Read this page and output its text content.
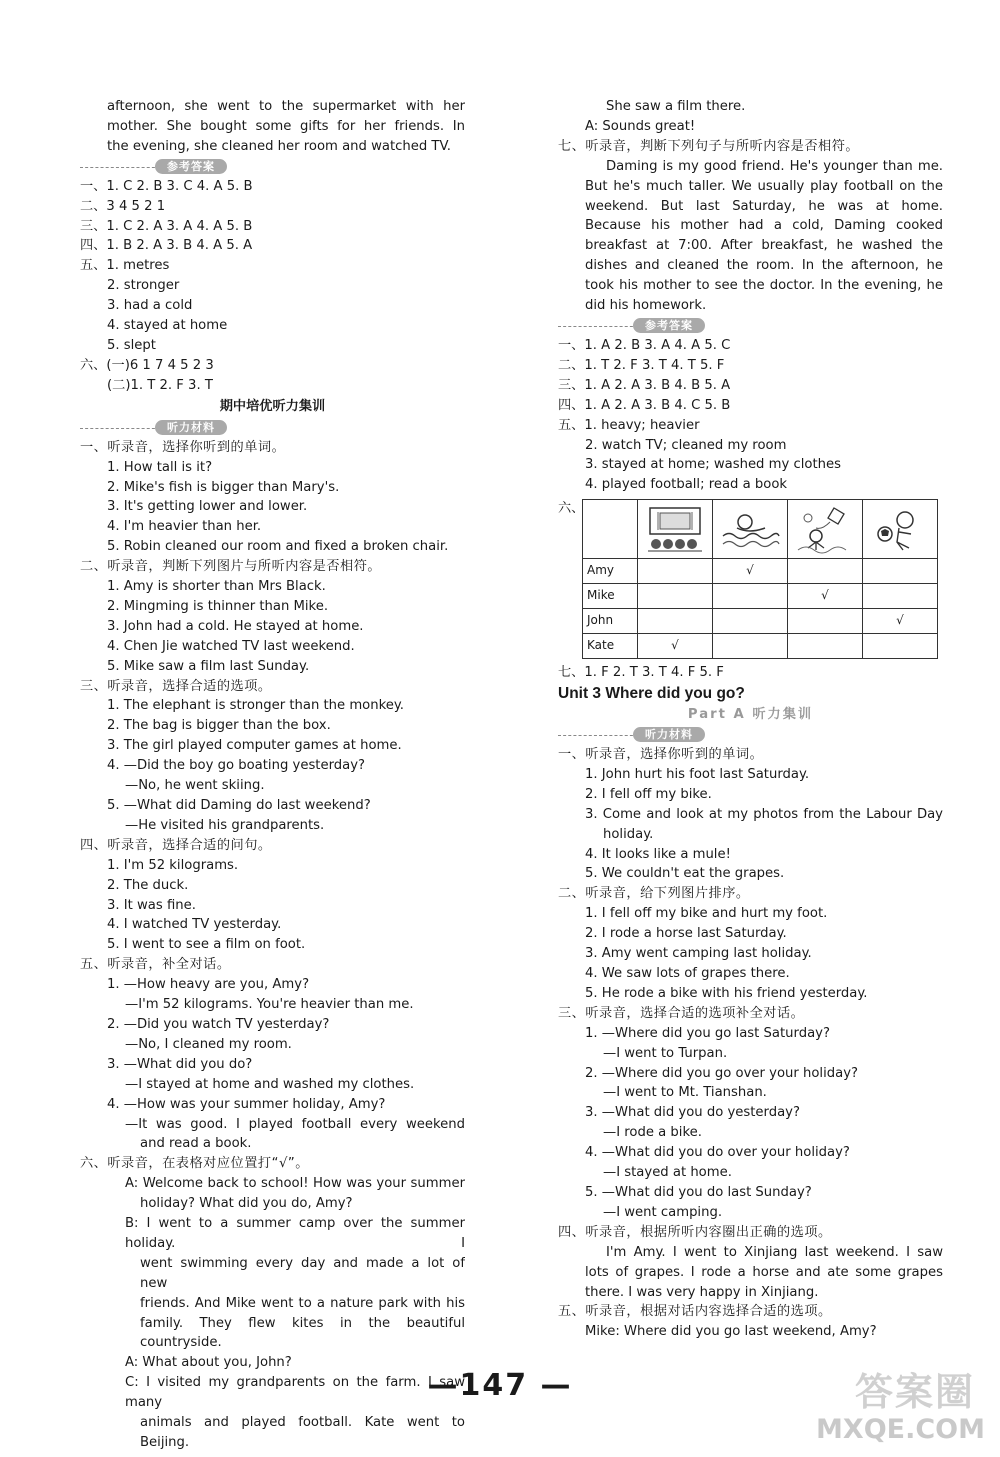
afternoon, she went to the supermarket with her
mother. She bought some gifts for her friends. In
the evening, she cleaned her room and watched TV.
参考答案
一、1. C 2. B 3. C 4. A 5. B
二、3 4 5 2 1
三、1. C 2. A 3. A 4. A 5. B
四、1. B 2. A 3. B 4. A 5. A
五、1. metres
2. stronger
3. had a cold
4. stayed at home
5. slept
六、(一)6 1 7 4 5 2 3
(二)1. T 2. F 3. T
期中培优听力集训
听力材料
一、听录音，选择你听到的单词。
1. How tall is it?
2. Mike's fish is bigger than Mary's.
3. It's getting lower and lower.
4. I'm heavier than her.
5. Robin cleaned our room and fixed a broken chair.
二、听录音，判断下列图片与所听内容是否相符。
1. Amy is shorter than Mrs Black.
2. Mingming is thinner than Mike.
3. John had a cold. He stayed at home.
4. Chen Jie watched TV last weekend.
5. Mike saw a film last Sunday.
三、听录音，选择合适的选项。
1. The elephant is stronger than the monkey.
2. The bag is bigger than the box.
3. The girl played computer games at home.
4. —Did the boy go boating yesterday?
—No, he went skiing.
5. —What did Daming do last weekend?
—He visited his grandparents.
四、听录音，选择合适的问句。
1. I'm 52 kilograms.
2. The duck.
3. It was fine.
4. I watched TV yesterday.
5. I went to see a film on foot.
五、听录音，补全对话。
1. —How heavy are you, Amy?
—I'm 52 kilograms. You're heavier than me.
2. —Did you watch TV yesterday?
—No, I cleaned my room.
3. —What did you do?
—I stayed at home and washed my clothes.
4. —How was your summer holiday, Amy?
—It was good. I played football every weekend
and read a book.
六、听录音，在表格对应位置打“√”。
A: Welcome back to school! How was your summer
holiday? What did you do, Amy?
B: I went to a summer camp over the summer holiday. I
went swimming every day and made a lot of new
friends. And Mike went to a nature park with his
family. They flew kites in the beautiful countryside.
A: What about you, John?
C: I visited my grandparents on the farm. I saw many
animals and played football. Kate went to Beijing.
She saw a film there.
A: Sounds great!
七、听录音，判断下列句子与所听内容是否相符。
Daming is my good friend. He's younger than me.
But he's much taller. We usually play football on the
weekend. But last Saturday, he was at home.
Because his mother had a cold, Daming cooked
breakfast at 7:00. After breakfast, he washed the
dishes and cleaned the room. In the afternoon, he
took his mother to see the doctor. In the evening, he
did his homework.
参考答案
一、1. A 2. B 3. A 4. A 5. C
二、1. T 2. F 3. T 4. T 5. F
三、1. A 2. A 3. B 4. B 5. A
四、1. A 2. A 3. B 4. C 5. B
五、1. heavy; heavier
2. watch TV; cleaned my room
3. stayed at home; washed my clothes
4. played football; read a book
六、

Amy		√		
Mike			√	
John				√
Kate	√			
七、1. F 2. T 3. T 4. F 5. F
Unit 3 Where did you go?
Part A 听力集训
听力材料
一、听录音，选择你听到的单词。
1. John hurt his foot last Saturday.
2. I fell off my bike.
3. Come and look at my photos from the Labour Day
holiday.
4. It looks like a mule!
5. We couldn't eat the grapes.
二、听录音，给下列图片排序。
1. I fell off my bike and hurt my foot.
2. I rode a horse last Saturday.
3. Amy went camping last holiday.
4. We saw lots of grapes there.
5. He rode a bike with his friend yesterday.
三、听录音，选择合适的选项补全对话。
1. —Where did you go last Saturday?
—I went to Turpan.
2. —Where did you go over your holiday?
—I went to Mt. Tianshan.
3. —What did you do yesterday?
—I rode a bike.
4. —What did you do over your holiday?
—I stayed at home.
5. —What did you do last Sunday?
—I went camping.
四、听录音，根据所听内容圈出正确的选项。
I'm Amy. I went to Xinjiang last weekend. I saw
lots of grapes. I rode a horse and ate some grapes
there. I was very happy in Xinjiang.
五、听录音，根据对话内容选择合适的选项。
Mike: Where did you go last weekend, Amy?
—147 —	答案圈
MXQE.COM
